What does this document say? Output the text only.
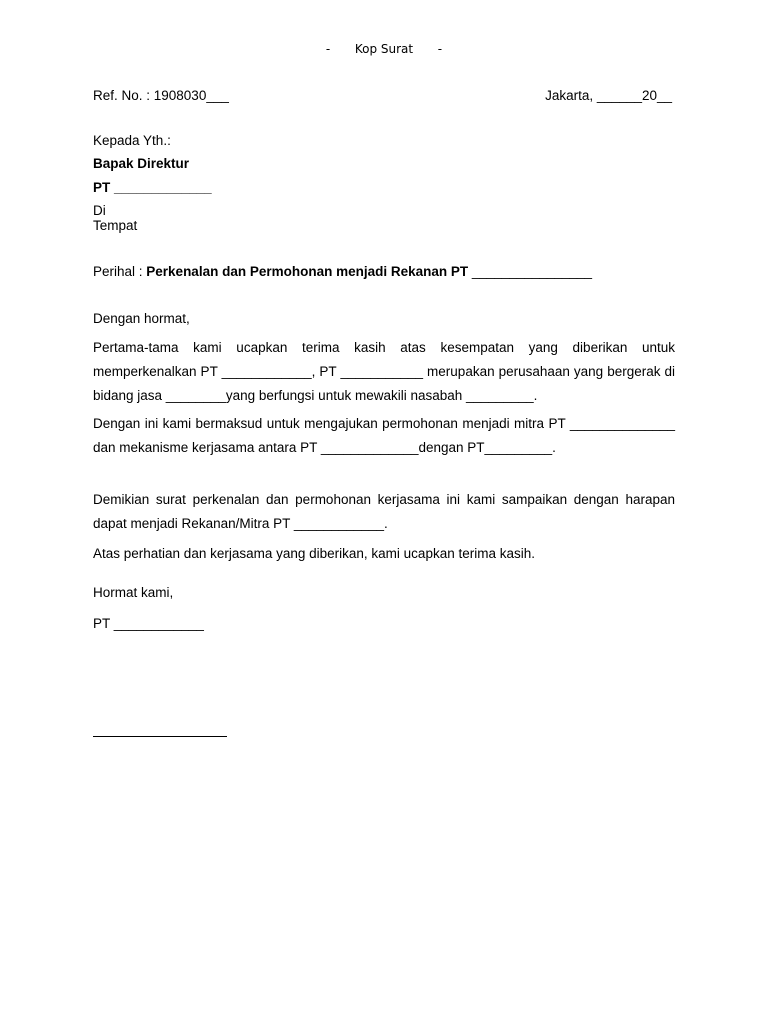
- Kop Surat -
Ref. No. : 1908030___	Jakarta, ______20__
Kepada Yth.:
Bapak Direktur
PT _____________
Di
Tempat
Perihal : Perkenalan dan Permohonan menjadi Rekanan PT ________________
Dengan hormat,
Pertama-tama kami ucapkan terima kasih atas kesempatan yang diberikan untuk memperkenalkan PT ____________, PT ___________ merupakan perusahaan yang bergerak di bidang jasa ________yang berfungsi untuk mewakili nasabah _________.
Dengan ini kami bermaksud untuk mengajukan permohonan menjadi mitra PT ______________ dan mekanisme kerjasama antara PT _____________dengan PT_________.
Demikian surat perkenalan dan permohonan kerjasama ini kami sampaikan dengan harapan dapat menjadi Rekanan/Mitra PT ____________.
Atas perhatian dan kerjasama yang diberikan, kami ucapkan terima kasih.
Hormat kami,
PT ____________
